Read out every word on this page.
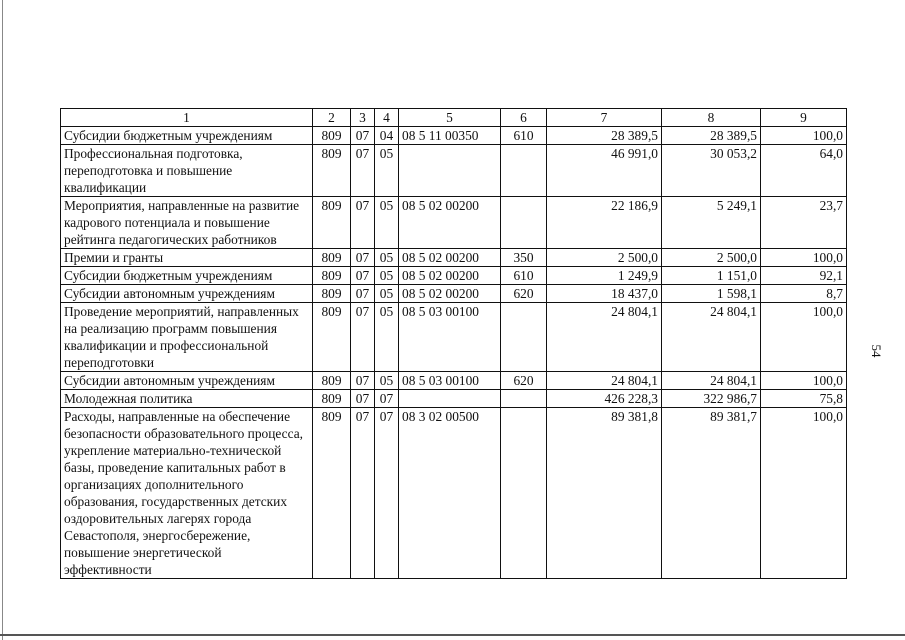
1	2	3	4	5	6	7	8	9
Субсидии бюджетным учреждениям	809	07	04	08 5 11 00350	610	28 389,5	28 389,5	100,0
Профессиональная подготовка, переподготовка и повышение квалификации	809	07	05			46 991,0	30 053,2	64,0
Мероприятия, направленные на развитие кадрового потенциала и повышение рейтинга педагогических работников	809	07	05	08 5 02 00200		22 186,9	5 249,1	23,7
Премии и гранты	809	07	05	08 5 02 00200	350	2 500,0	2 500,0	100,0
Субсидии бюджетным учреждениям	809	07	05	08 5 02 00200	610	1 249,9	1 151,0	92,1
Субсидии автономным учреждениям	809	07	05	08 5 02 00200	620	18 437,0	1 598,1	8,7
Проведение мероприятий, направленных на реализацию программ повышения квалификации и профессиональной переподготовки	809	07	05	08 5 03 00100		24 804,1	24 804,1	100,0
Субсидии автономным учреждениям	809	07	05	08 5 03 00100	620	24 804,1	24 804,1	100,0
Молодежная политика	809	07	07			426 228,3	322 986,7	75,8
Расходы, направленные на обеспечение безопасности образовательного процесса, укрепление материально-технической базы, проведение капитальных работ в организациях дополнительного образования, государственных детских оздоровительных лагерях города Севастополя, энергосбережение, повышение энергетической эффективности	809	07	07	08 3 02 00500		89 381,8	89 381,7	100,0
54
